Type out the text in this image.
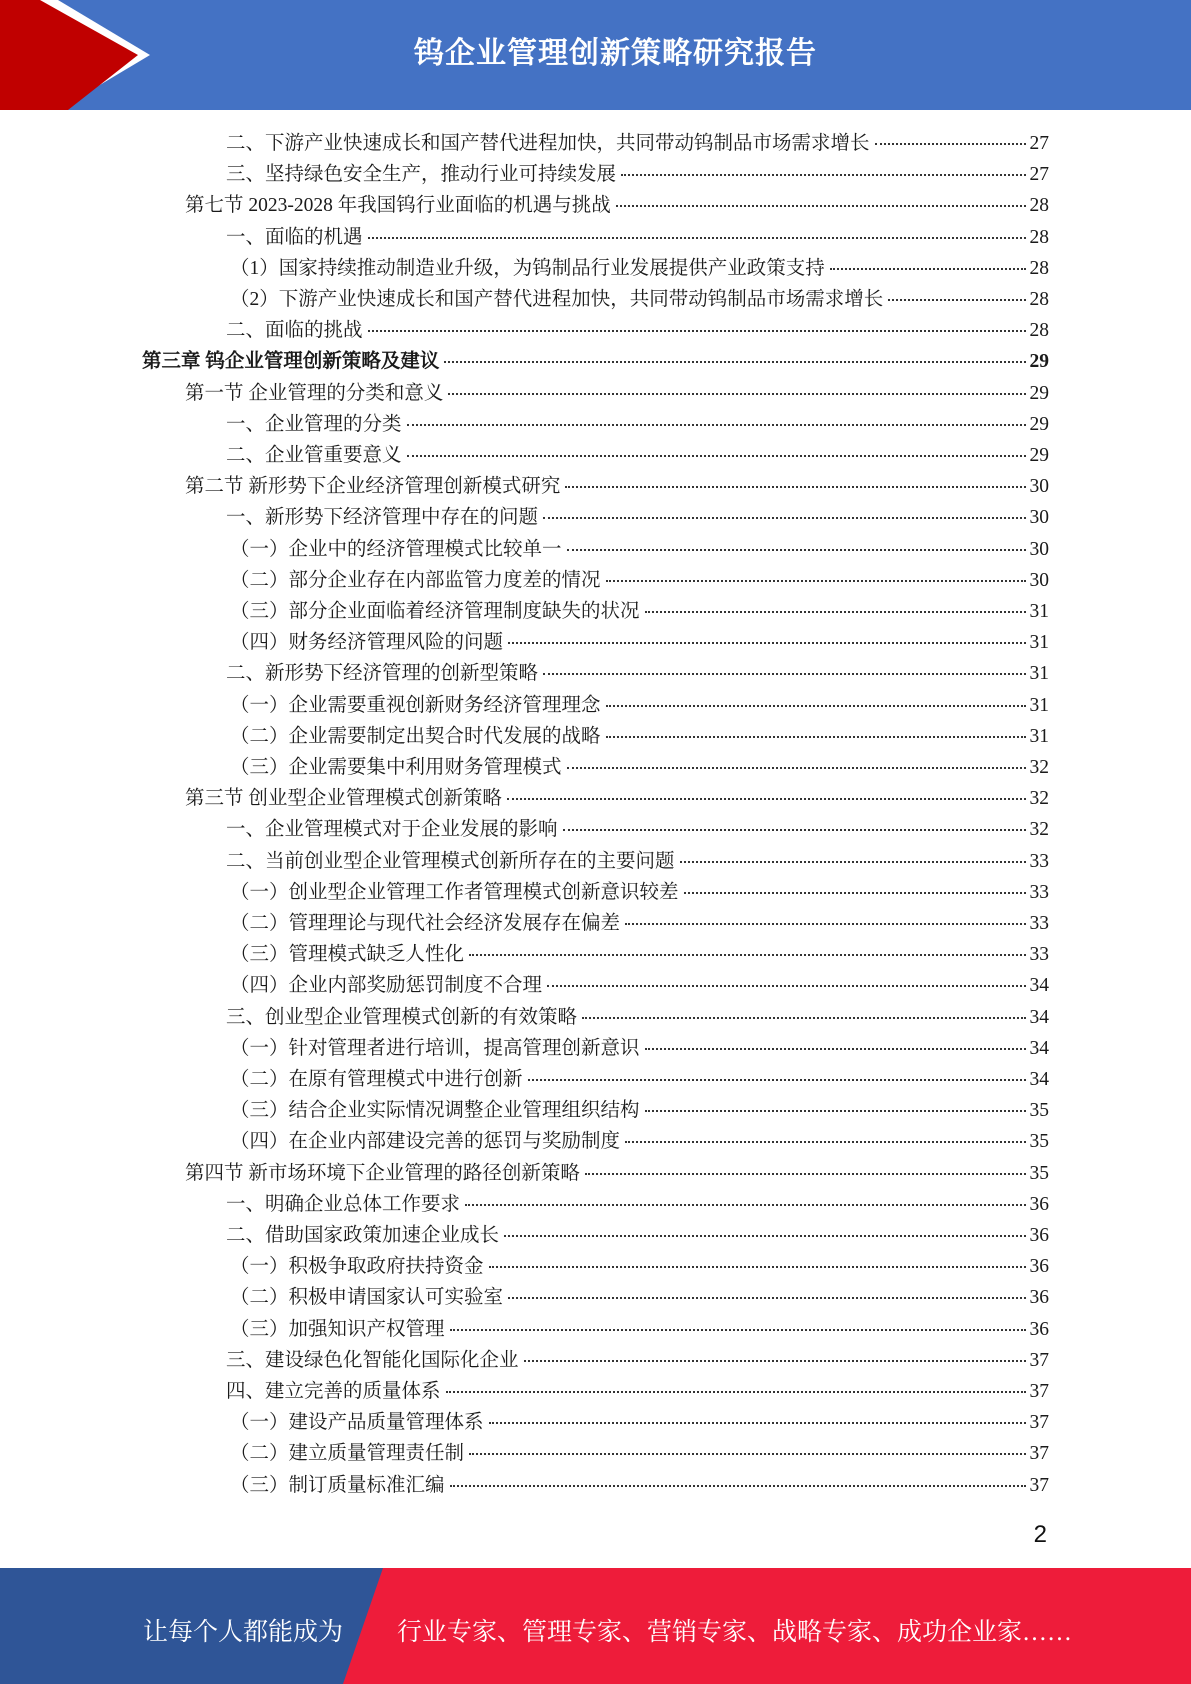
钨企业管理创新策略研究报告
二、下游产业快速成长和国产替代进程加快，共同带动钨制品市场需求增长	27
三、坚持绿色安全生产，推动行业可持续发展	27
第七节 2023-2028 年我国钨行业面临的机遇与挑战	28
一、面临的机遇	28
（1）国家持续推动制造业升级，为钨制品行业发展提供产业政策支持	28
（2）下游产业快速成长和国产替代进程加快，共同带动钨制品市场需求增长	28
二、面临的挑战	28
第三章 钨企业管理创新策略及建议	29
第一节 企业管理的分类和意义	29
一、企业管理的分类	29
二、企业管重要意义	29
第二节 新形势下企业经济管理创新模式研究	30
一、新形势下经济管理中存在的问题	30
（一）企业中的经济管理模式比较单一	30
（二）部分企业存在内部监管力度差的情况	30
（三）部分企业面临着经济管理制度缺失的状况	31
（四）财务经济管理风险的问题	31
二、新形势下经济管理的创新型策略	31
（一）企业需要重视创新财务经济管理理念	31
（二）企业需要制定出契合时代发展的战略	31
（三）企业需要集中利用财务管理模式	32
第三节 创业型企业管理模式创新策略	32
一、企业管理模式对于企业发展的影响	32
二、当前创业型企业管理模式创新所存在的主要问题	33
（一）创业型企业管理工作者管理模式创新意识较差	33
（二）管理理论与现代社会经济发展存在偏差	33
（三）管理模式缺乏人性化	33
（四）企业内部奖励惩罚制度不合理	34
三、创业型企业管理模式创新的有效策略	34
（一）针对管理者进行培训，提高管理创新意识	34
（二）在原有管理模式中进行创新	34
（三）结合企业实际情况调整企业管理组织结构	35
（四）在企业内部建设完善的惩罚与奖励制度	35
第四节 新市场环境下企业管理的路径创新策略	35
一、明确企业总体工作要求	36
二、借助国家政策加速企业成长	36
（一）积极争取政府扶持资金	36
（二）积极申请国家认可实验室	36
（三）加强知识产权管理	36
三、建设绿色化智能化国际化企业	37
四、建立完善的质量体系	37
（一）建设产品质量管理体系	37
（二）建立质量管理责任制	37
（三）制订质量标准汇编	37
2
让每个人都能成为 行业专家、管理专家、营销专家、战略专家、成功企业家……
